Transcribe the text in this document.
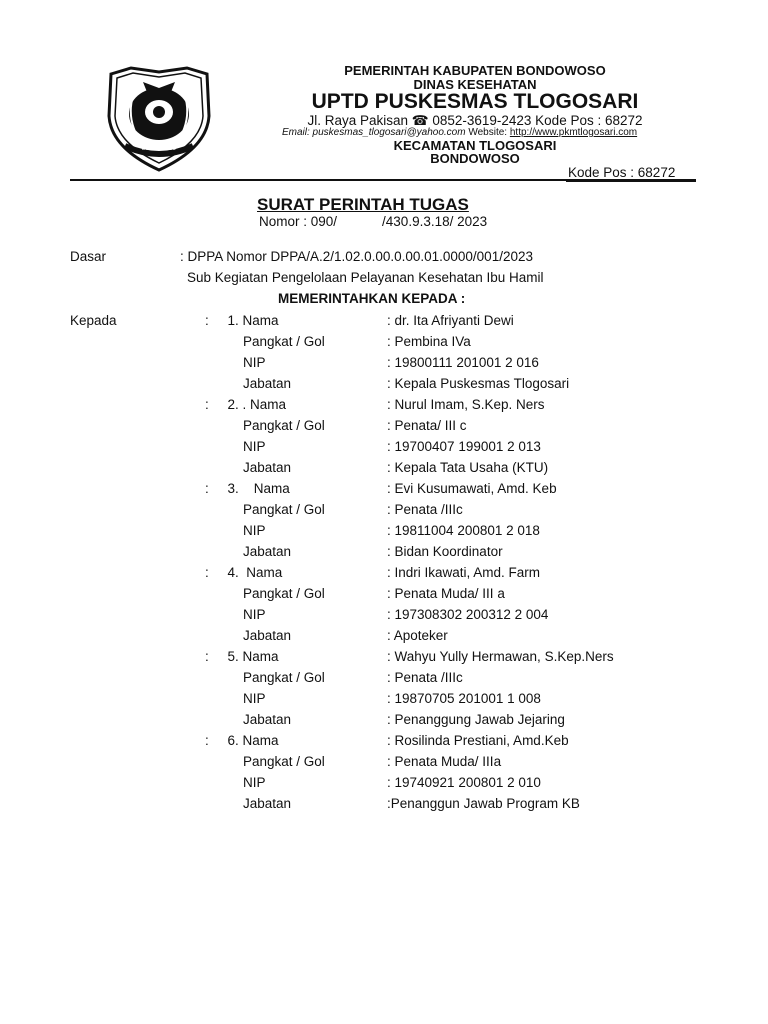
BONDOWOSO
PEMERINTAH KABUPATEN BONDOWOSO
DINAS KESEHATAN
UPTD PUSKESMAS TLOGOSARI
Jl. Raya Pakisan ☎ 0852-3619-2423 Kode Pos : 68272
Email: puskesmas_tlogosari@yahoo.com Website: http://www.pkmtlogosari.com
KECAMATAN TLOGOSARI
BONDOWOSO
Kode Pos : 68272
SURAT PERINTAH TUGAS
Nomor : 090/            /430.9.3.18/ 2023
Dasar	: DPPA Nomor DPPA/A.2/1.02.0.00.0.00.01.0000/001/2023
Sub Kegiatan Pengelolaan Pelayanan Kesehatan Ibu Hamil
MEMERINTAHKAN KEPADA :
Kepada	:     1. Nama	: dr. Ita Afriyanti Dewi
Pangkat / Gol	: Pembina IVa
NIP	: 19800111 201001 2 016
Jabatan	: Kepala Puskesmas Tlogosari
:     2. . Nama	: Nurul Imam, S.Kep. Ners
Pangkat / Gol	: Penata/ III c
NIP	: 19700407 199001 2 013
Jabatan	: Kepala Tata Usaha (KTU)
:     3.    Nama	: Evi Kusumawati, Amd. Keb
Pangkat / Gol	: Penata /IIIc
NIP	: 19811004 200801 2 018
Jabatan	: Bidan Koordinator
:     4.  Nama	: Indri Ikawati, Amd. Farm
Pangkat / Gol	: Penata Muda/ III a
NIP	: 197308302 200312 2 004
Jabatan	: Apoteker
:     5. Nama	: Wahyu Yully Hermawan, S.Kep.Ners
Pangkat / Gol	: Penata /IIIc
NIP	: 19870705 201001 1 008
Jabatan	: Penanggung Jawab Jejaring
:     6. Nama	: Rosilinda Prestiani, Amd.Keb
Pangkat / Gol	: Penata Muda/ IIIa
NIP	: 19740921 200801 2 010
Jabatan	:Penanggun Jawab Program KB
